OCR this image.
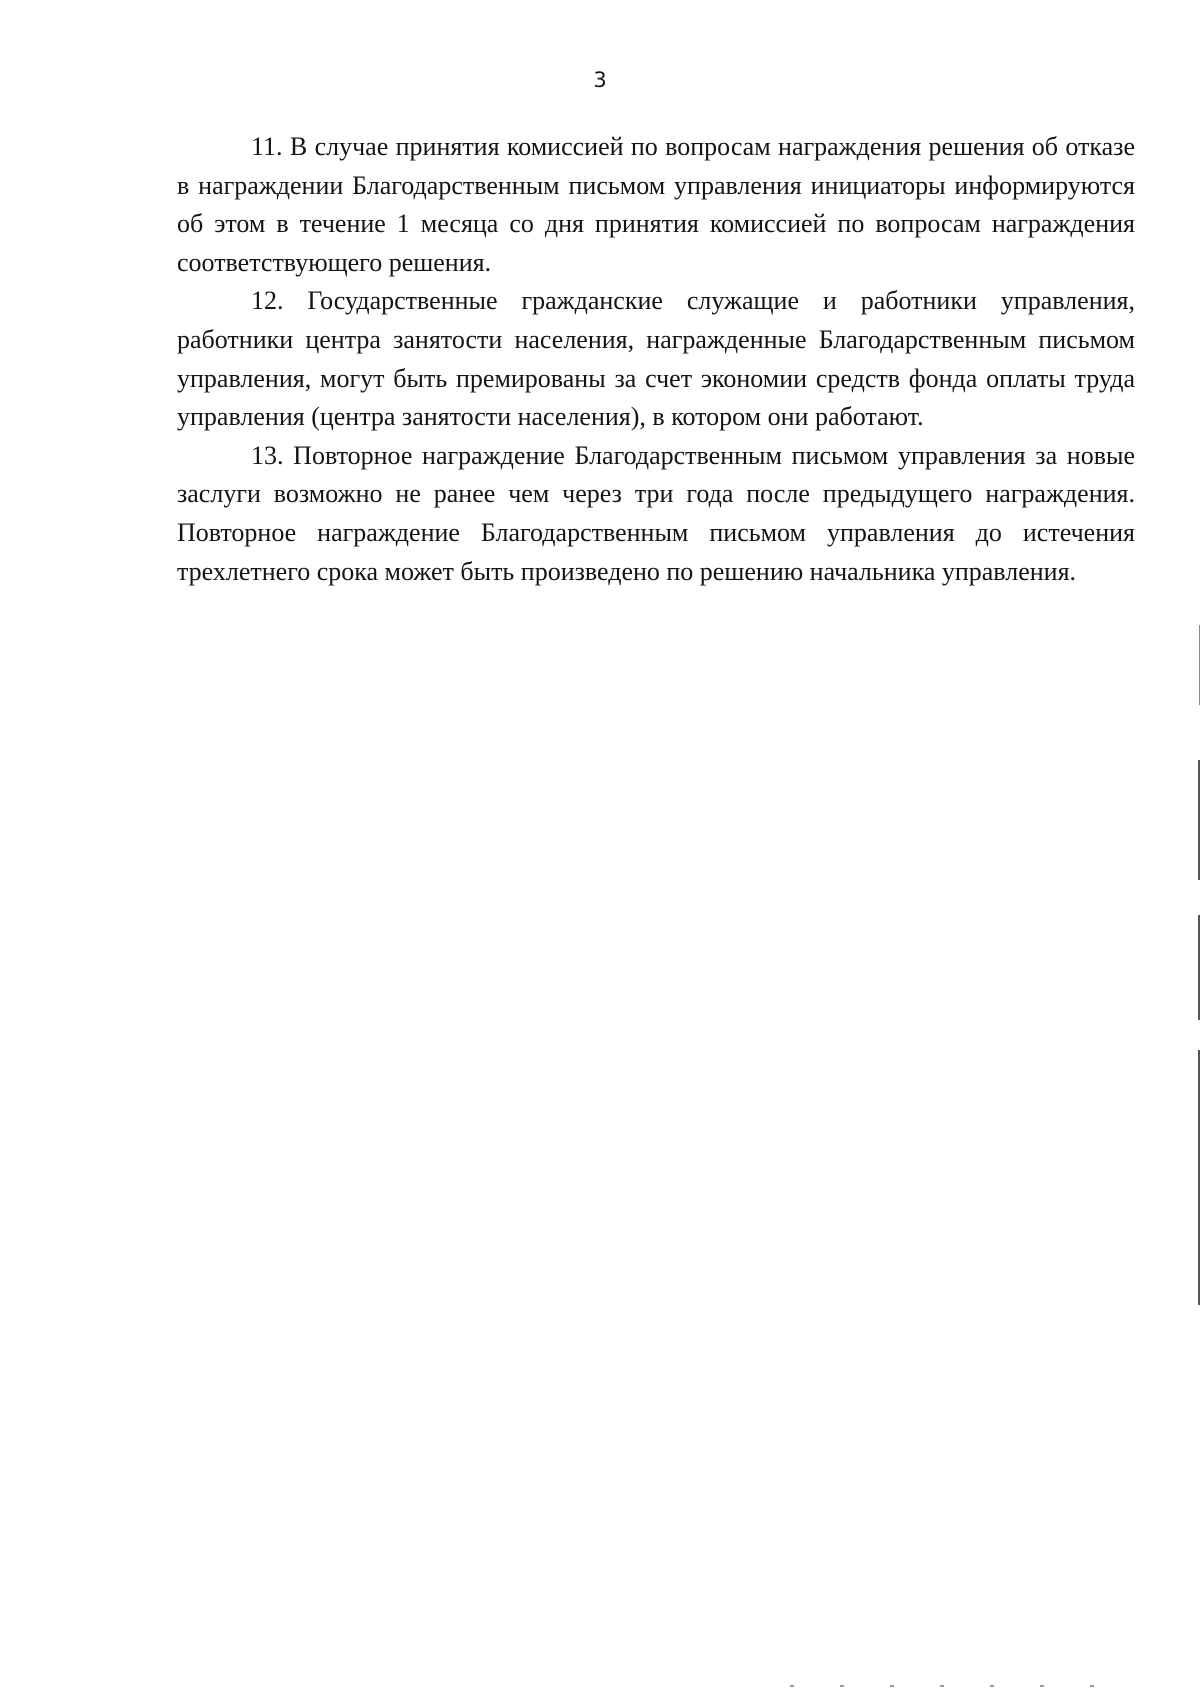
3

11. В случае принятия комиссией по вопросам награждения решения об отказе в награждении Благодарственным письмом управления инициаторы информируются об этом в течение 1 месяца со дня принятия комиссией по вопросам награждения соответствующего решения.

12. Государственные гражданские служащие и работники управления, работники центра занятости населения, награжденные Благодарственным письмом управления, могут быть премированы за счет экономии средств фонда оплаты труда управления (центра занятости населения), в котором они работают.

13. Повторное награждение Благодарственным письмом управления за новые заслуги возможно не ранее чем через три года после предыдущего награждения. Повторное награждение Благодарственным письмом управления до истечения трехлетнего срока может быть произведено по решению начальника управления.
